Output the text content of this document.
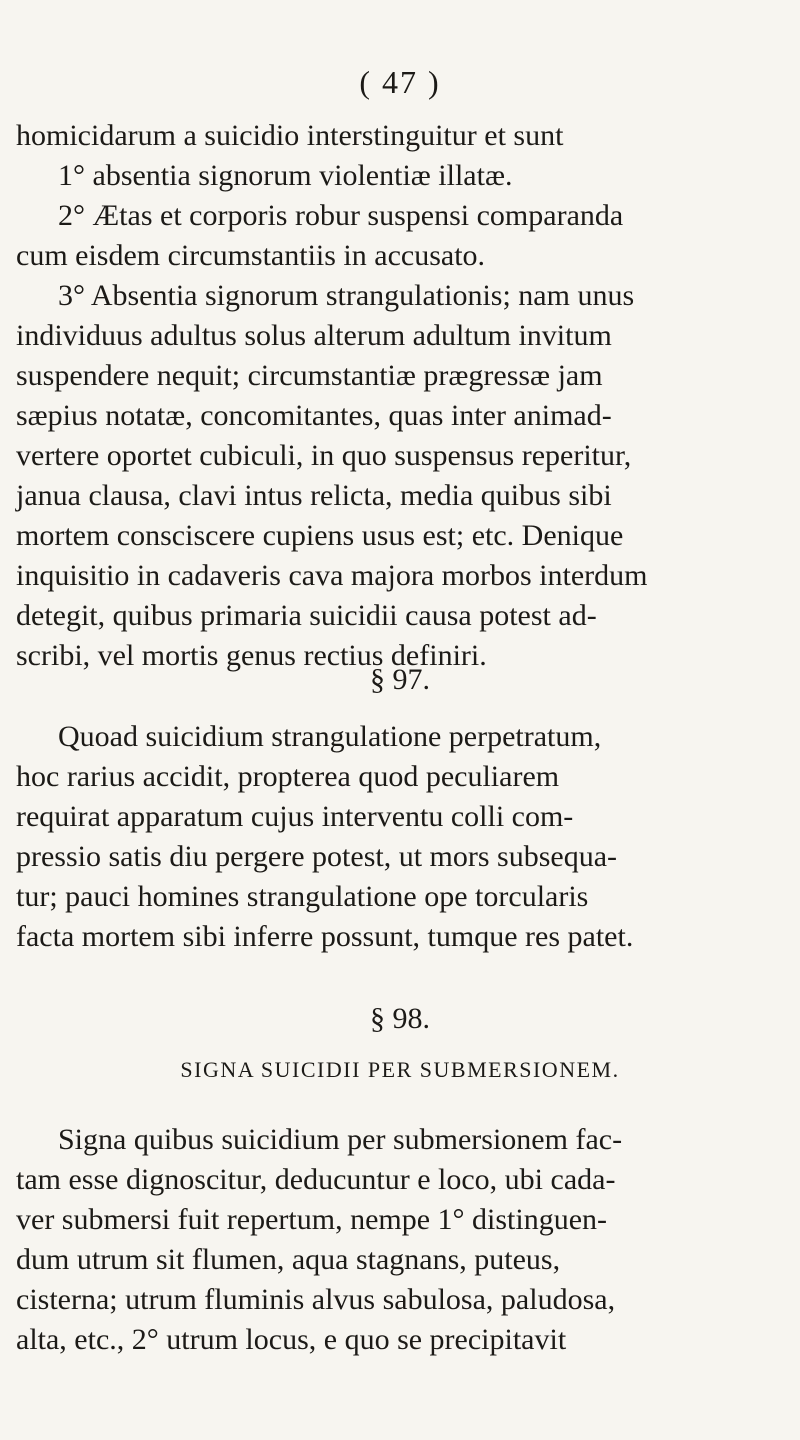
( 47 )
homicidarum a suicidio interstinguitur et sunt
1° absentia signorum violentiæ illatæ.
2° Ætas et corporis robur suspensi comparanda
cum eisdem circumstantiis in accusato.
3° Absentia signorum strangulationis; nam unus
individuus adultus solus alterum adultum invitum
suspendere nequit; circumstantiæ prægressæ jam
sæpius notatæ, concomitantes, quas inter animad-
vertere oportet cubiculi, in quo suspensus reperitur,
janua clausa, clavi intus relicta, media quibus sibi
mortem consciscere cupiens usus est; etc. Denique
inquisitio in cadaveris cava majora morbos interdum
detegit, quibus primaria suicidii causa potest ad-
scribi, vel mortis genus rectius definiri.
§ 97.
Quoad suicidium strangulatione perpetratum,
hoc rarius accidit, propterea quod peculiarem
requirat apparatum cujus interventu colli com-
pressio satis diu pergere potest, ut mors subsequa-
tur; pauci homines strangulatione ope torcularis
facta mortem sibi inferre possunt, tumque res patet.
§ 98.
SIGNA SUICIDII PER SUBMERSIONEM.
Signa quibus suicidium per submersionem fac-
tam esse dignoscitur, deducuntur e loco, ubi cada-
ver submersi fuit repertum, nempe 1° distinguen-
dum utrum sit flumen, aqua stagnans, puteus,
cisterna; utrum fluminis alvus sabulosa, paludosa,
alta, etc., 2° utrum locus, e quo se precipitavit
